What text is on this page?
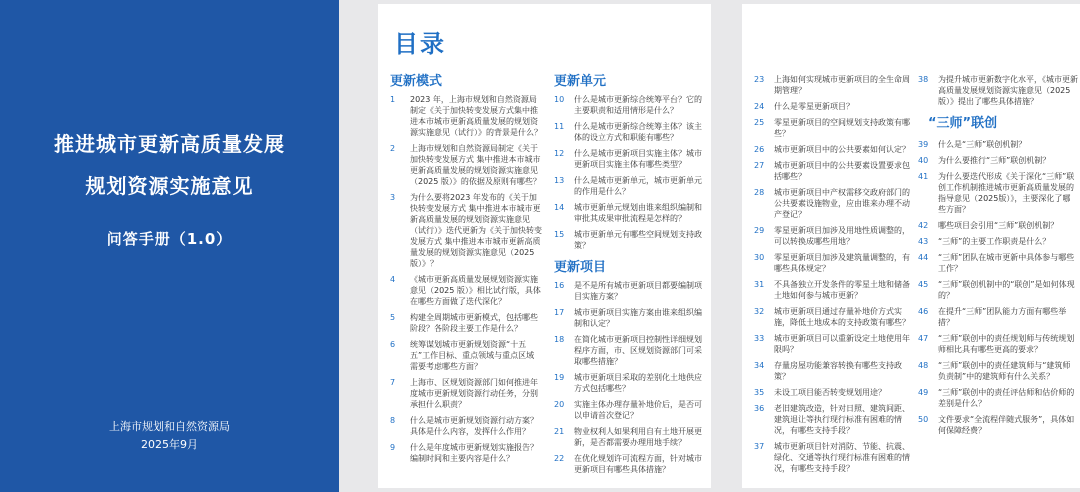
推进城市更新高质量发展
规划资源实施意见
问答手册（1.0）
上海市规划和自然资源局
2025年9月
目录
更新模式
1	2023 年，上海市规划和自然资源局制定《关于加快转变发展方式集中推进本市城市更新高质量发展的规划资源实施意见（试行）》的背景是什么？
2	上海市规划和自然资源局制定《关于加快转变发展方式 集中推进本市城市更新高质量发展的规划资源实施意见（2025 版）》的依据及原则有哪些？
3	为什么要将2023 年发布的《关于加快转变发展方式 集中推进本市城市更新高质量发展的规划资源实施意见（试行）》迭代更新为《关于加快转变发展方式 集中推进本市城市更新高质量发展的规划资源实施意见（2025 版）》？
4	《城市更新高质量发展规划资源实施意见（2025 版）》相比试行版，具体在哪些方面做了迭代深化？
5	构建全周期城市更新模式，包括哪些阶段？各阶段主要工作是什么？
6	统筹谋划城市更新规划资源“十五五”工作目标、重点领域与重点区域需要考虑哪些方面？
7	上海市、区规划资源部门如何推进年度城市更新规划资源行动任务，分别承担什么职责？
8	什么是城市更新规划资源行动方案？具体是什么内容，发挥什么作用？
9	什么是年度城市更新规划实施报告？编制时间和主要内容是什么？
更新单元
10	什么是城市更新综合统筹平台？它的主要职责和适用情形是什么？
11	什么是城市更新综合统筹主体？该主体的设立方式和职能有哪些？
12	什么是城市更新项目实施主体？城市更新项目实施主体有哪些类型？
13	什么是城市更新单元，城市更新单元的作用是什么？
14	城市更新单元规划由谁来组织编制和审批其成果审批流程是怎样的？
15	城市更新单元有哪些空间规划支持政策？
更新项目
16	是不是所有城市更新项目都要编制项目实施方案？
17	城市更新项目实施方案由谁来组织编制和认定？
18	在简化城市更新项目控制性详细规划程序方面，市、区规划资源部门可采取哪些措施？
19	城市更新项目采取的差别化土地供应方式包括哪些？
20	实施主体办理存量补地价后，是否可以申请首次登记？
21	物业权利人如果利用自有土地开展更新，是否都需要办理用地手续？
22	在优化规划许可流程方面，针对城市更新项目有哪些具体措施？
23	上海如何实现城市更新项目的全生命周期管理？
24	什么是零星更新项目？
25	零星更新项目的空间规划支持政策有哪些？
26	城市更新项目中的公共要素如何认定？
27	城市更新项目中的公共要素设置要求包括哪些？
28	城市更新项目中产权需移交政府部门的公共要素设施物业，应由谁来办理不动产登记？
29	零星更新项目加涉及用地性质调整的，可以转换成哪些用地？
30	零星更新项目加涉及建筑量调整的，有哪些具体规定？
31	不具备独立开发条件的零星土地和储备土地如何参与城市更新？
32	城市更新项目通过存量补地价方式实施，降低土地成本的支持政策有哪些？
33	城市更新项目可以重新设定土地使用年限吗？
34	存量房屋功能兼容转换有哪些支持政策？
35	未设工项目能否转变规划用途？
36	老旧建筑改造，针对日照、建筑间距、建筑退让等执行现行标准有困难的情况，有哪些支持手段？
37	城市更新项目针对消防、节能、抗震、绿化、交通等执行现行标准有困难的情况，有哪些支持手段？
38	为提升城市更新数字化水平，《城市更新高质量发展规划资源实施意见（2025 版）》提出了哪些具体措施？
“三师”联创
39	什么是“三师”联创机制？
40	为什么要推行“三师”联创机制？
41	为什么要迭代形成《关于深化“三师”联创工作机制推进城市更新高质量发展的指导意见（2025版）》，主要深化了哪些方面？
42	哪些项目会引用“三师”联创机制？
43	“三师”的主要工作职责是什么？
44	“三师”团队在城市更新中具体参与哪些工作？
45	“三师”联创机制中的“联创”是如何体现的？
46	在提升“三师”团队能力方面有哪些举措？
47	“三师”联创中的责任规划师与传统规划师相比具有哪些更高的要求？
48	“三师”联创中的责任建筑师与“建筑师负责制”中的建筑师有什么关系？
49	“三师”联创中的责任评估师和估价师的差别是什么？
50	文件要求“全流程伴随式服务”，具体如何保障经费？
